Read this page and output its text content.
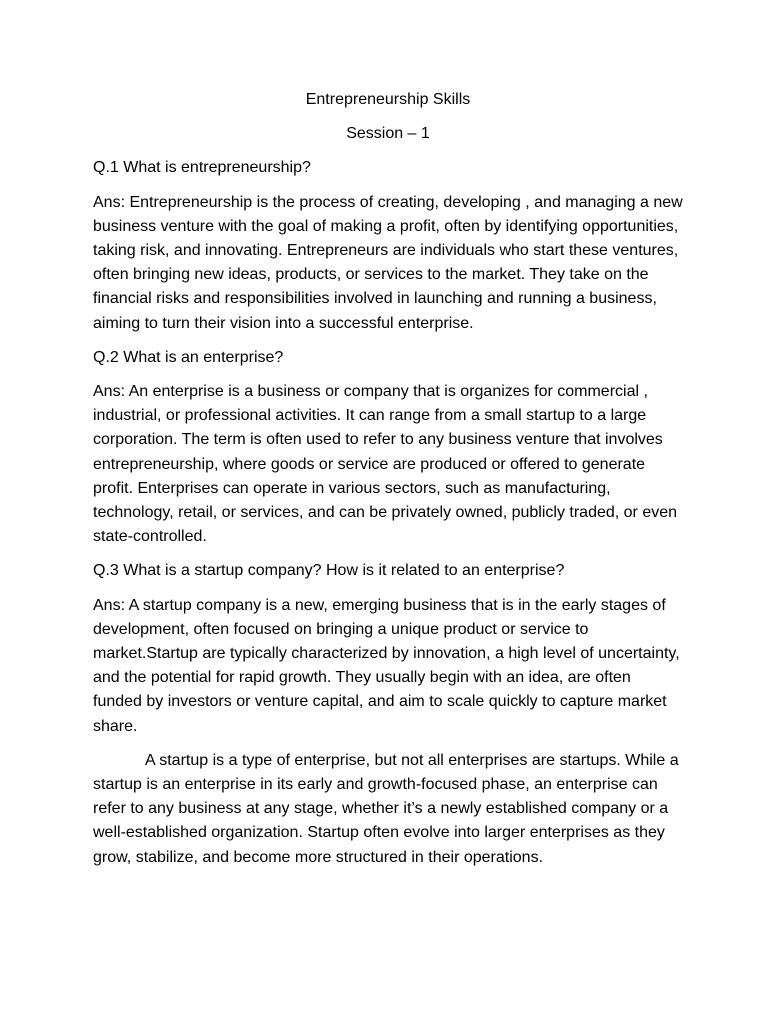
Entrepreneurship Skills

Session – 1

Q.1 What is entrepreneurship?

Ans: Entrepreneurship is the process of creating, developing , and managing a new business venture with the goal of making a profit, often by identifying opportunities, taking risk, and innovating. Entrepreneurs are individuals who start these ventures, often bringing new ideas, products, or services to the market. They take on the financial risks and responsibilities involved in launching and running a business, aiming to turn their vision into a successful enterprise.

Q.2 What is an enterprise?

Ans: An enterprise is a business or company that is organizes for commercial , industrial, or professional activities. It can range from a small startup to a large corporation. The term is often used to refer to any business venture that involves entrepreneurship, where goods or service are produced or offered to generate profit. Enterprises can operate in various sectors, such as manufacturing, technology, retail, or services, and can be privately owned, publicly traded, or even state-controlled.

Q.3 What is a startup company? How is it related to an enterprise?

Ans: A startup company is a new, emerging business that is in the early stages of development, often focused on bringing a unique product or service to market.Startup are typically characterized by innovation, a high level of uncertainty, and the potential for rapid growth. They usually begin with an idea, are often funded by investors or venture capital, and aim to scale quickly to capture market share.

A startup is a type of enterprise, but not all enterprises are startups. While a startup is an enterprise in its early and growth-focused phase, an enterprise can refer to any business at any stage, whether it’s a newly established company or a well-established organization. Startup often evolve into larger enterprises as they grow, stabilize, and become more structured in their operations.
